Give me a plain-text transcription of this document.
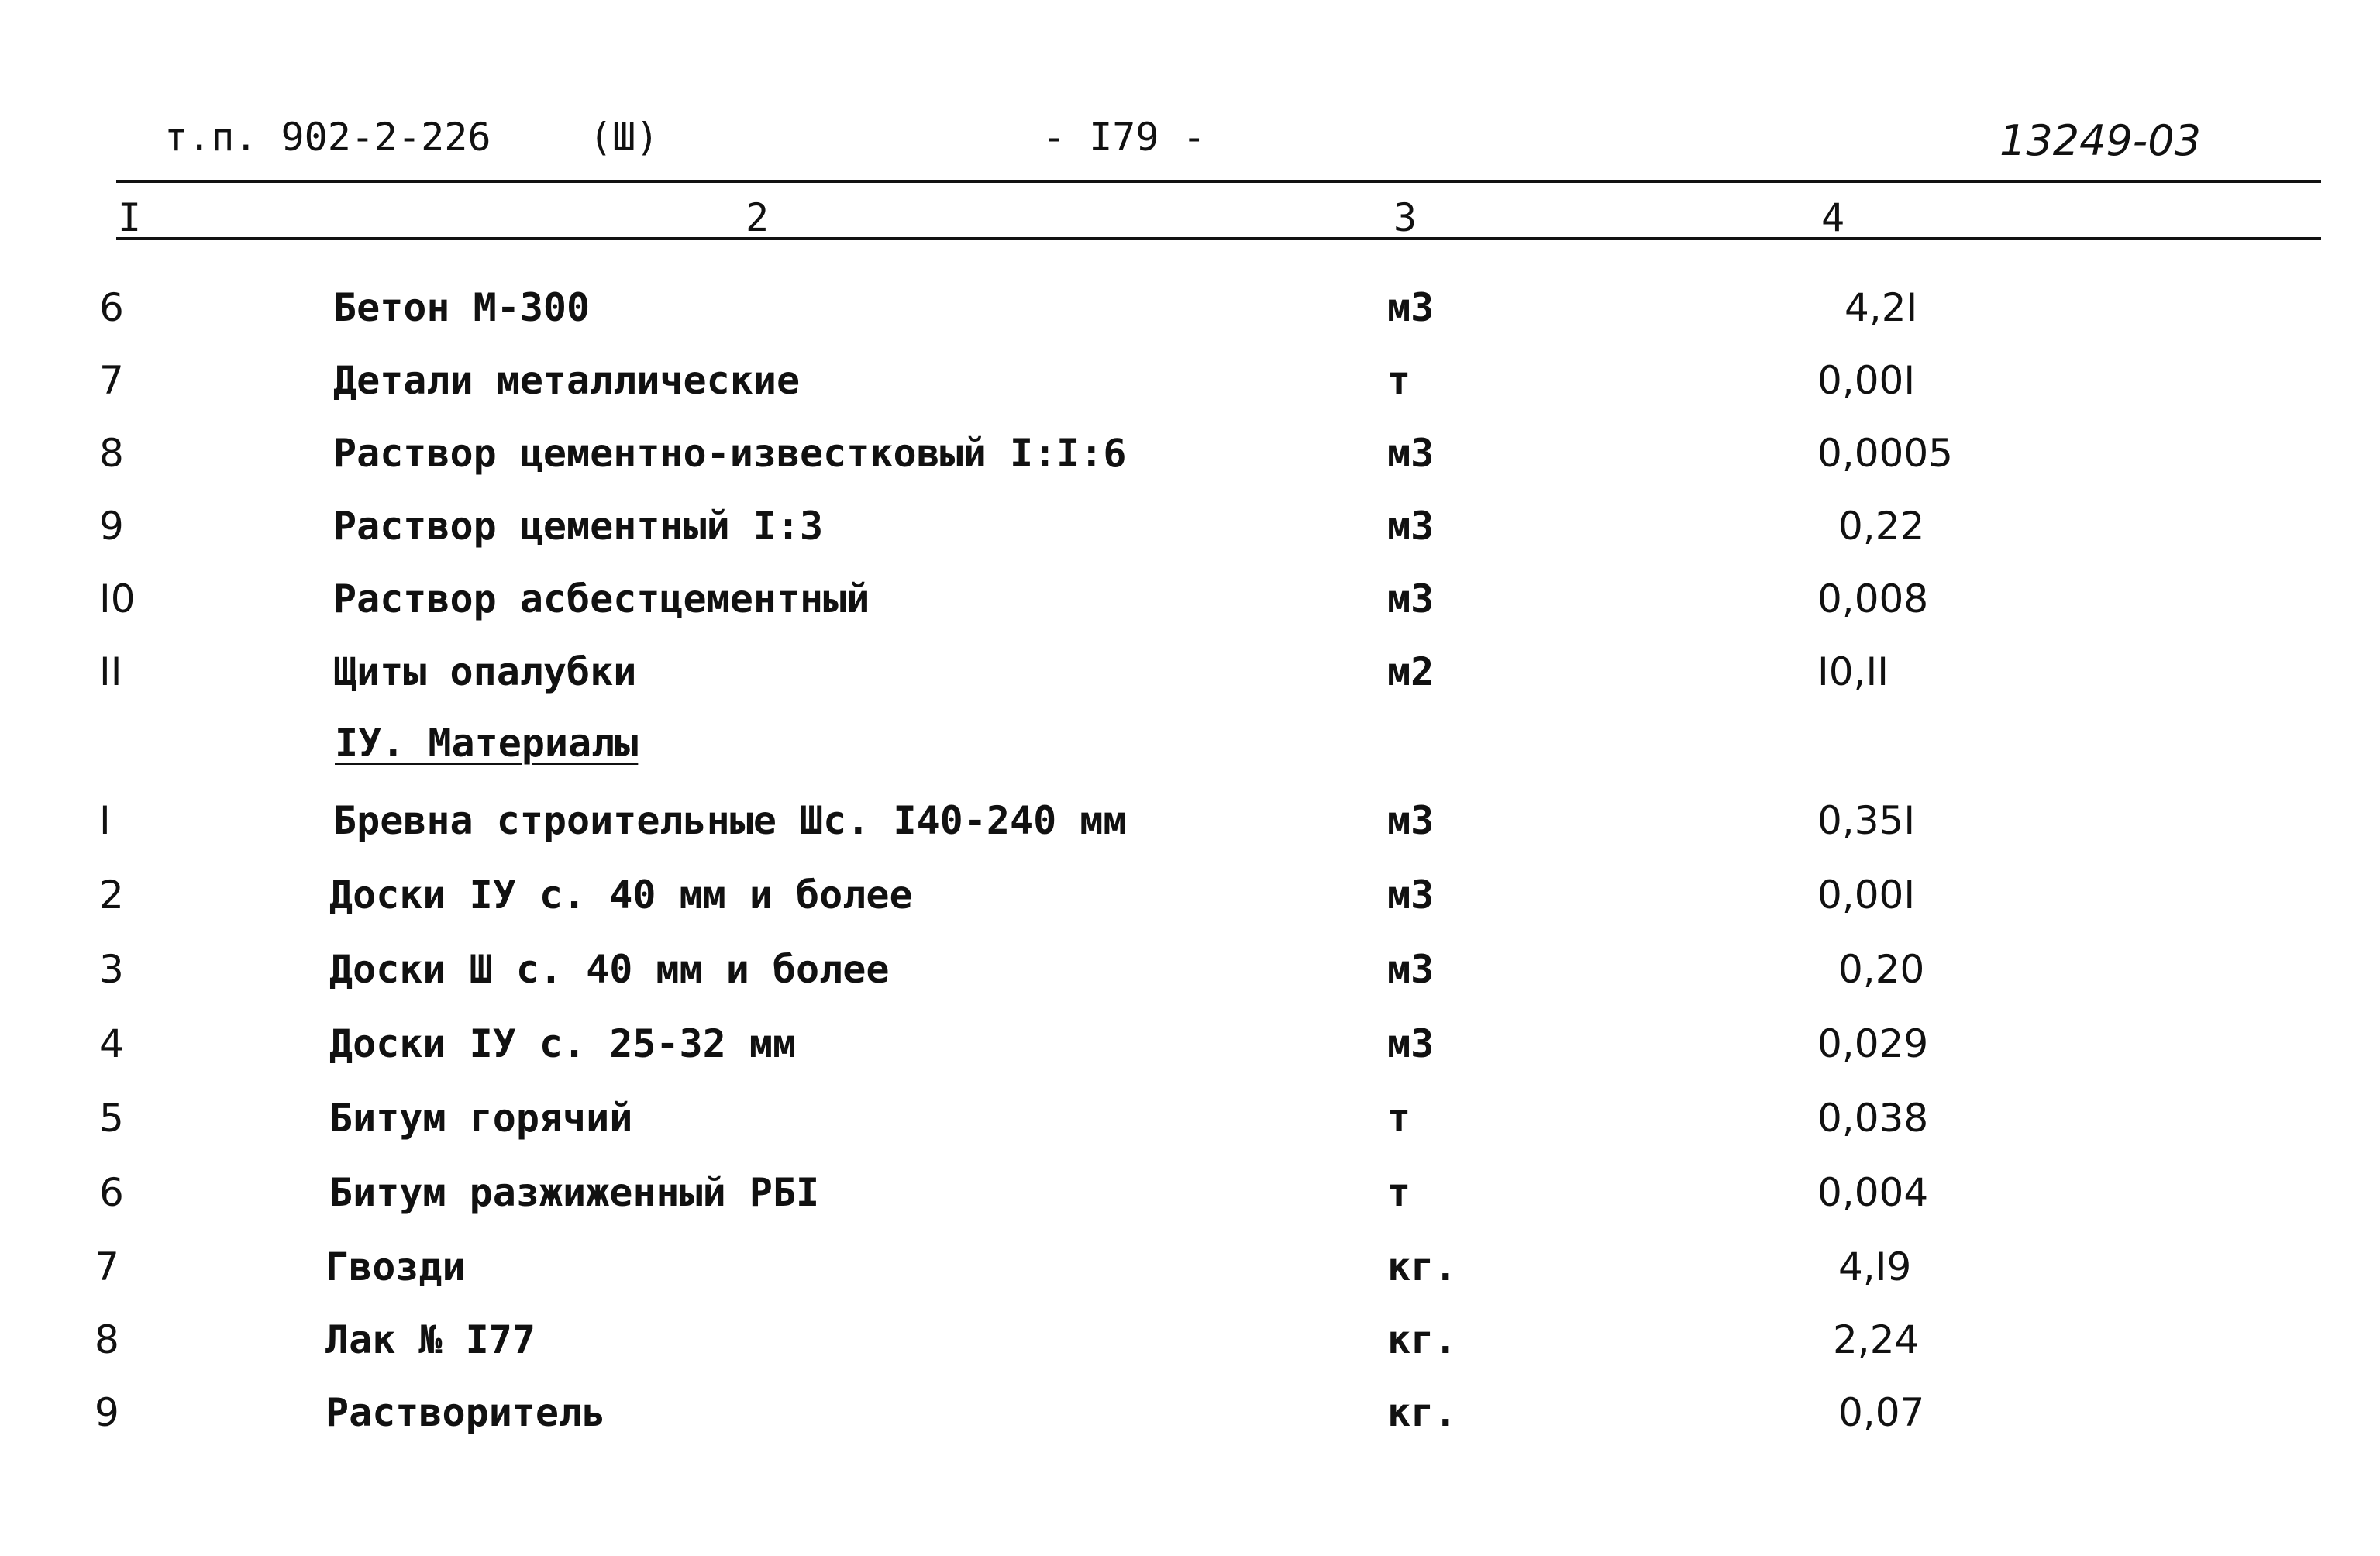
т.п. 902-2-226	(Ш)	- I79 -	13249-03
I	2	3	4
6	Бетон М-300	м3	4,2I
7	Детали металлические	т	0,00I
8	Раствор цементно-известковый I:I:6	м3	0,0005
9	Раствор цементный I:3	м3	0,22
I0	Раствор асбестцементный	м3	0,008
II	Щиты опалубки	м2	I0,II
IУ. Материалы
I	Бревна строительные Шс. I40-240 мм	м3	0,35I
2	Доски IУ с. 40 мм и более	м3	0,00I
3	Доски Ш с. 40 мм и более	м3	0,20
4	Доски IУ с. 25-32 мм	м3	0,029
5	Битум горячий	т	0,038
6	Битум разжиженный РБI	т	0,004
7	Гвозди	кг.	4,I9
8	Лак № I77	кг.	2,24
9	Растворитель	кг.	0,07
